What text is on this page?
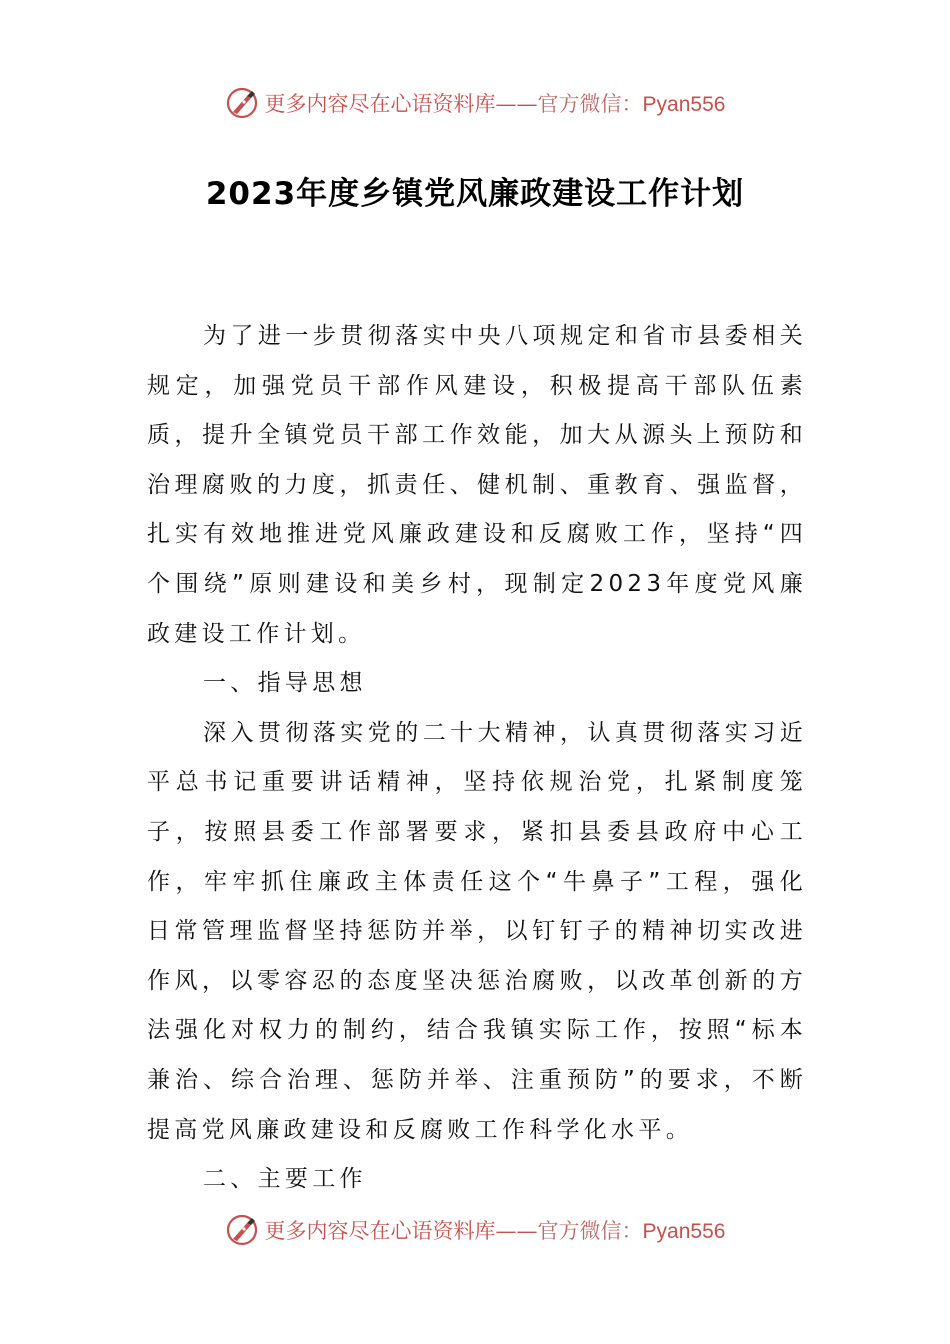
更多内容尽在心语资料库——官方微信：Pyan556
2023年度乡镇党风廉政建设工作计划

为了进一步贯彻落实中央八项规定和省市县委相关规定，加强党员干部作风建设，积极提高干部队伍素质，提升全镇党员干部工作效能，加大从源头上预防和治理腐败的力度，抓责任、健机制、重教育、强监督，扎实有效地推进党风廉政建设和反腐败工作，坚持“四个围绕”原则建设和美乡村，现制定2023年度党风廉政建设工作计划。

一、指导思想

深入贯彻落实党的二十大精神，认真贯彻落实习近平总书记重要讲话精神，坚持依规治党，扎紧制度笼子，按照县委工作部署要求，紧扣县委县政府中心工作，牢牢抓住廉政主体责任这个“牛鼻子”工程，强化日常管理监督坚持惩防并举，以钉钉子的精神切实改进作风，以零容忍的态度坚决惩治腐败，以改革创新的方法强化对权力的制约，结合我镇实际工作，按照“标本兼治、综合治理、惩防并举、注重预防”的要求，不断提高党风廉政建设和反腐败工作科学化水平。

二、主要工作

更多内容尽在心语资料库——官方微信：Pyan556
